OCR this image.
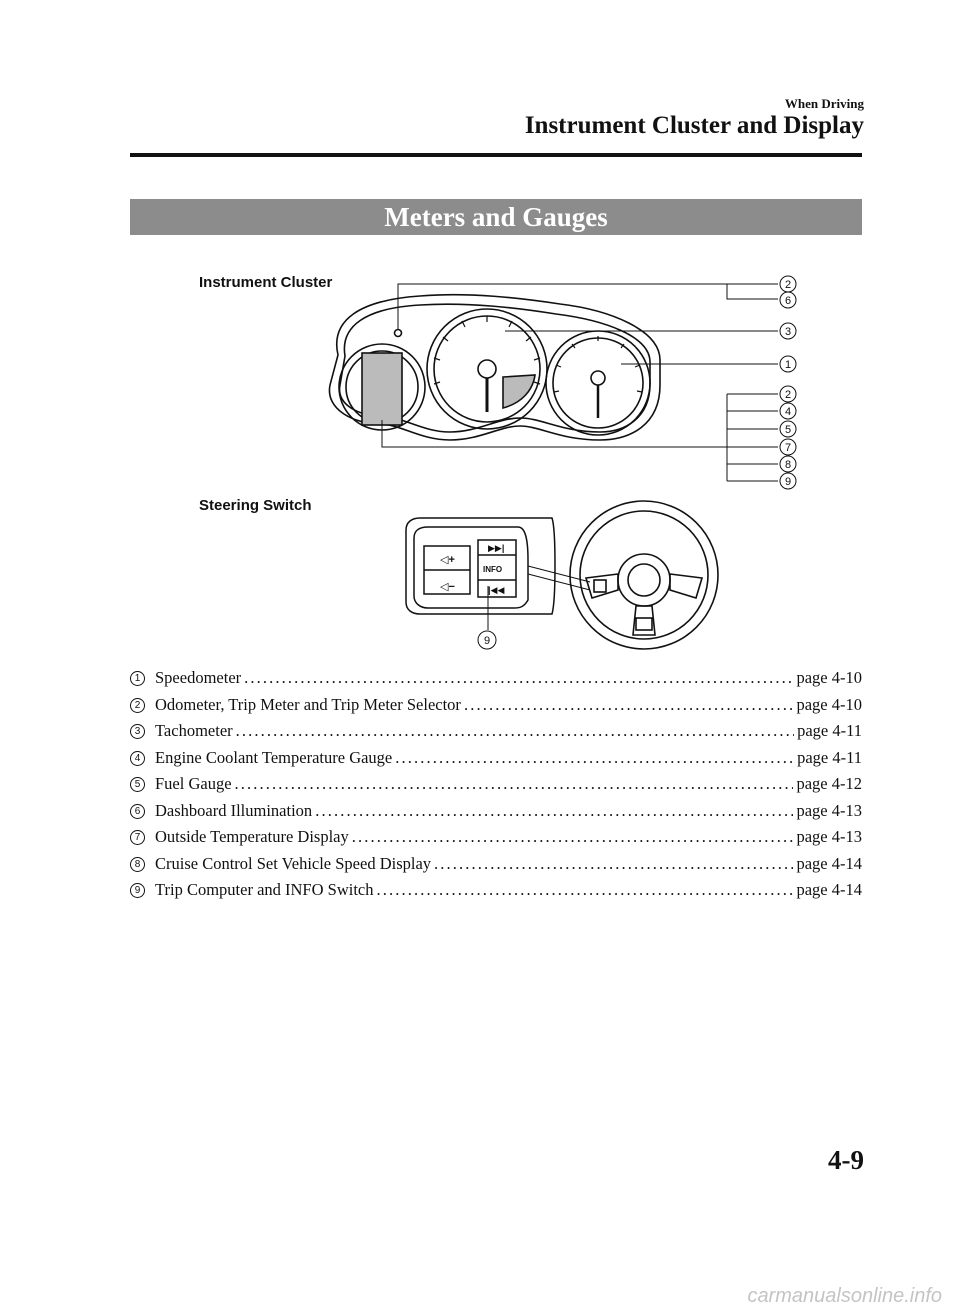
When Driving
Instrument Cluster and Display
Meters and Gauges
Instrument Cluster
Steering Switch
2
6
3
1
2
4
5
7
8
9
9
INFO
◁+
◁−
▶▶|
|◀◀
1 Speedometer . . .	page 4-10
2 Odometer, Trip Meter and Trip Meter Selector . . .	page 4-10
3 Tachometer . . .	page 4-11
4 Engine Coolant Temperature Gauge . . .	page 4-11
5 Fuel Gauge . . .	page 4-12
6 Dashboard Illumination . . .	page 4-13
7 Outside Temperature Display . . .	page 4-13
8 Cruise Control Set Vehicle Speed Display . . .	page 4-14
9 Trip Computer and INFO Switch . . .	page 4-14
4-9
carmanualsonline.info
